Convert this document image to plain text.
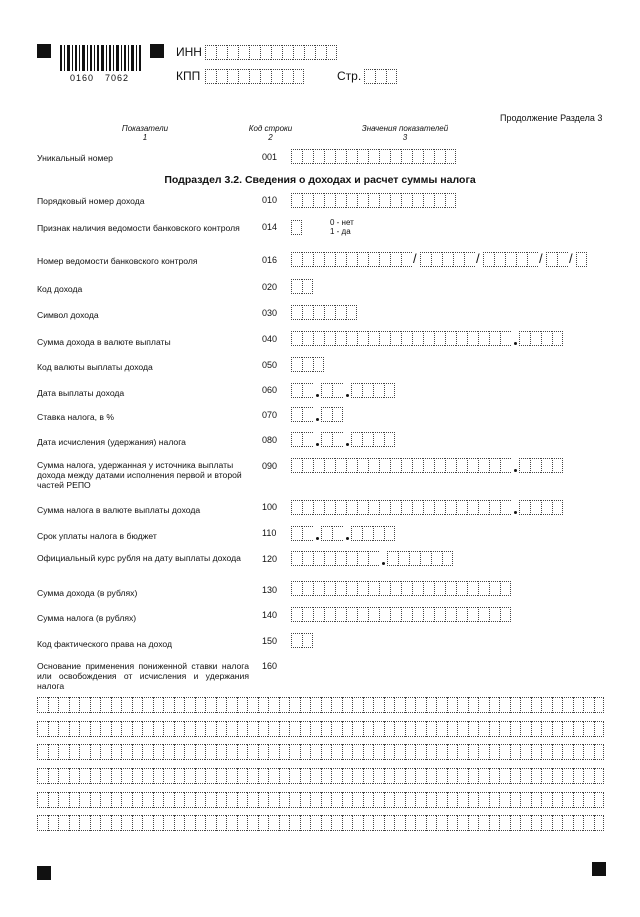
0160 7062
ИНН
КПП	Стр.
Продолжение Раздела 3
Показатели
1
Код строки
2
Значения показателей
3
Уникальный номер	001
Подраздел 3.2. Сведения о доходах и расчет суммы налога
Порядковый номер дохода	010
Признак наличия ведомости банковского контроля	014	0 - нет
1 - да
Номер ведомости банковского контроля	016
/
/
/
/
Код дохода	020
Символ дохода	030
Сумма дохода в валюте выплаты	040
Код валюты выплаты дохода	050
Дата выплаты дохода	060
Ставка налога, в %	070
Дата исчисления (удержания) налога	080
Сумма налога, удержанная у источника выплаты дохода между датами исполнения первой и второй частей РЕПО
090
Сумма налога в валюте выплаты дохода	100
Срок уплаты налога в бюджет	110
Официальный курс рубля на дату выплаты дохода	120
Сумма дохода (в рублях)	130
Сумма налога (в рублях)	140
Код фактического права на доход	150
Основание применения пониженной ставки налога или освобождения от исчисления и удержания налога
160
